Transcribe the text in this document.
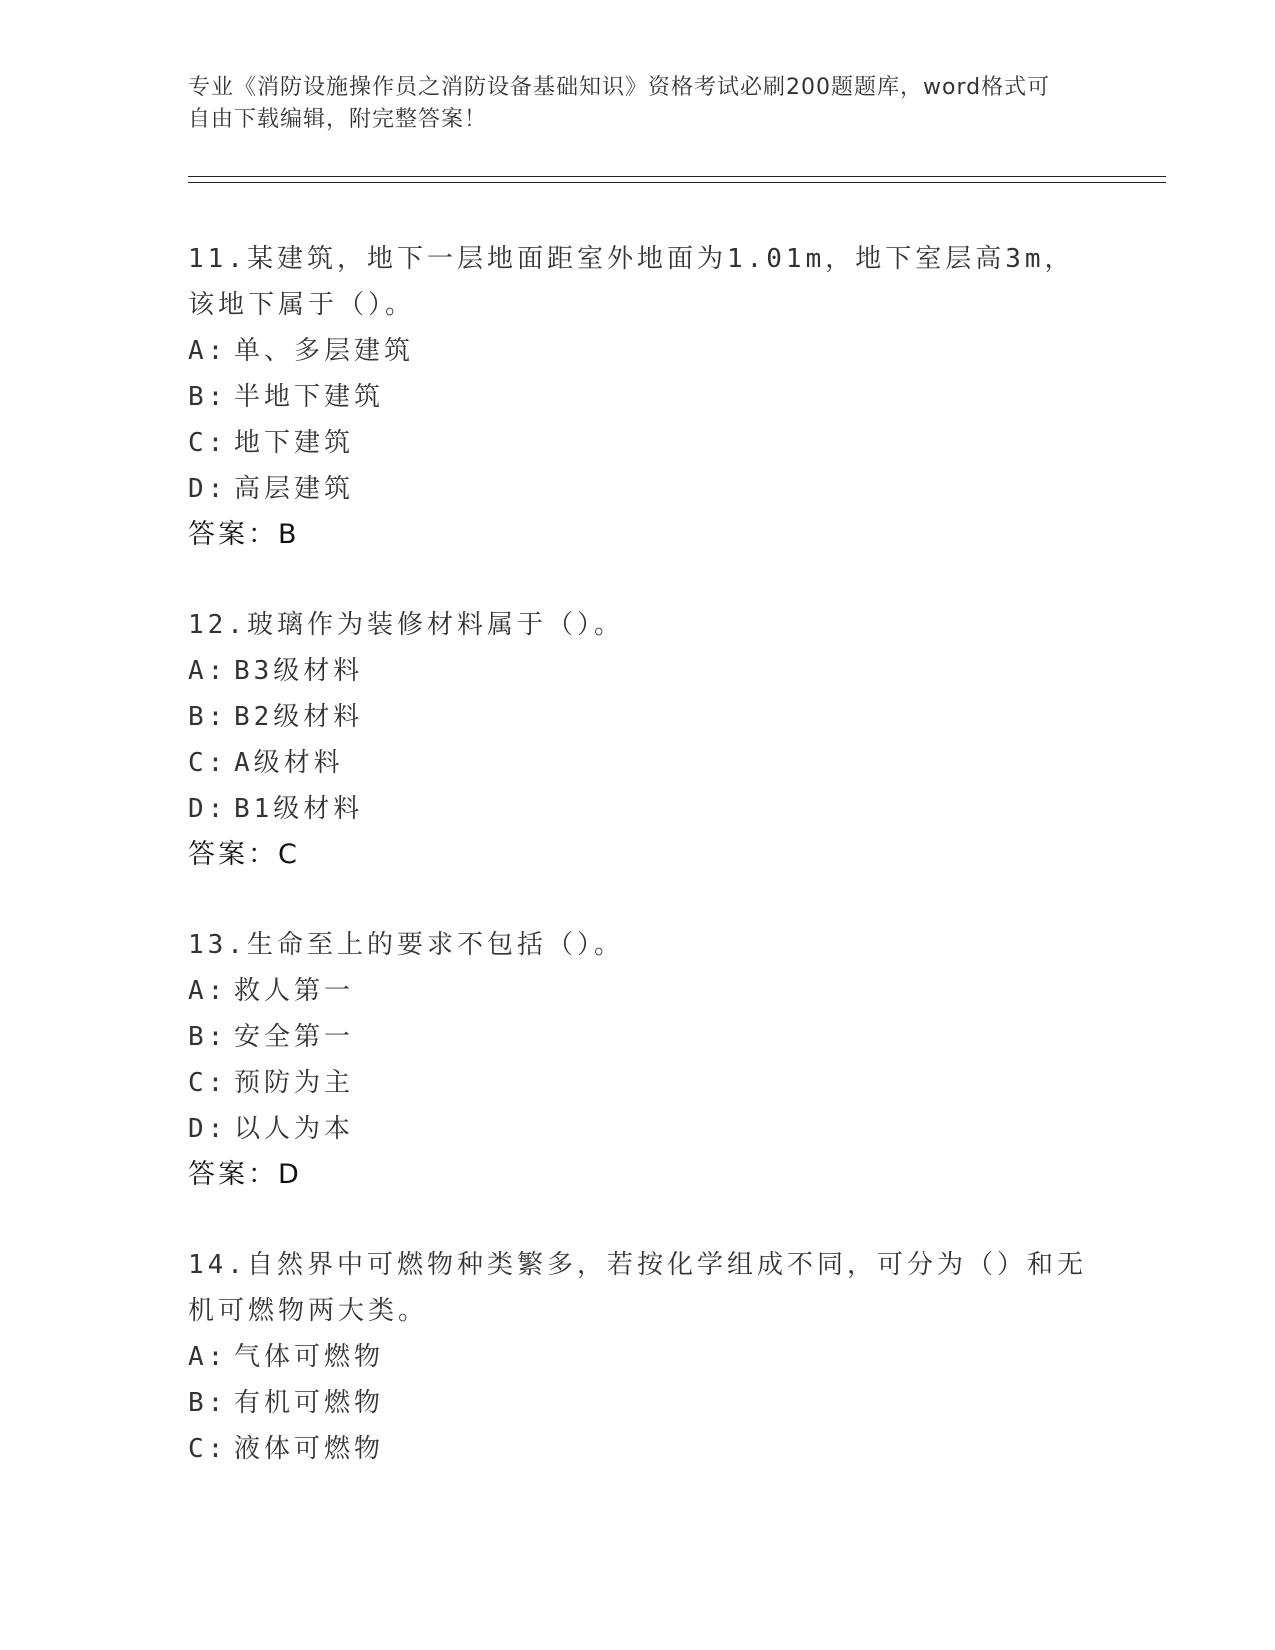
专业《消防设施操作员之消防设备基础知识》资格考试必刷200题题库，word格式可自由下载编辑，附完整答案！

11.某建筑，地下一层地面距室外地面为1.01m，地下室层高3m，该地下属于（）。

A: 单、多层建筑
B: 半地下建筑
C: 地下建筑
D: 高层建筑
答案：B

12.玻璃作为装修材料属于（）。

A: B3级材料
B: B2级材料
C: A级材料
D: B1级材料
答案：C

13.生命至上的要求不包括（）。

A: 救人第一
B: 安全第一
C: 预防为主
D: 以人为本
答案：D

14.自然界中可燃物种类繁多，若按化学组成不同，可分为（）和无机可燃物两大类。

A: 气体可燃物
B: 有机可燃物
C: 液体可燃物
